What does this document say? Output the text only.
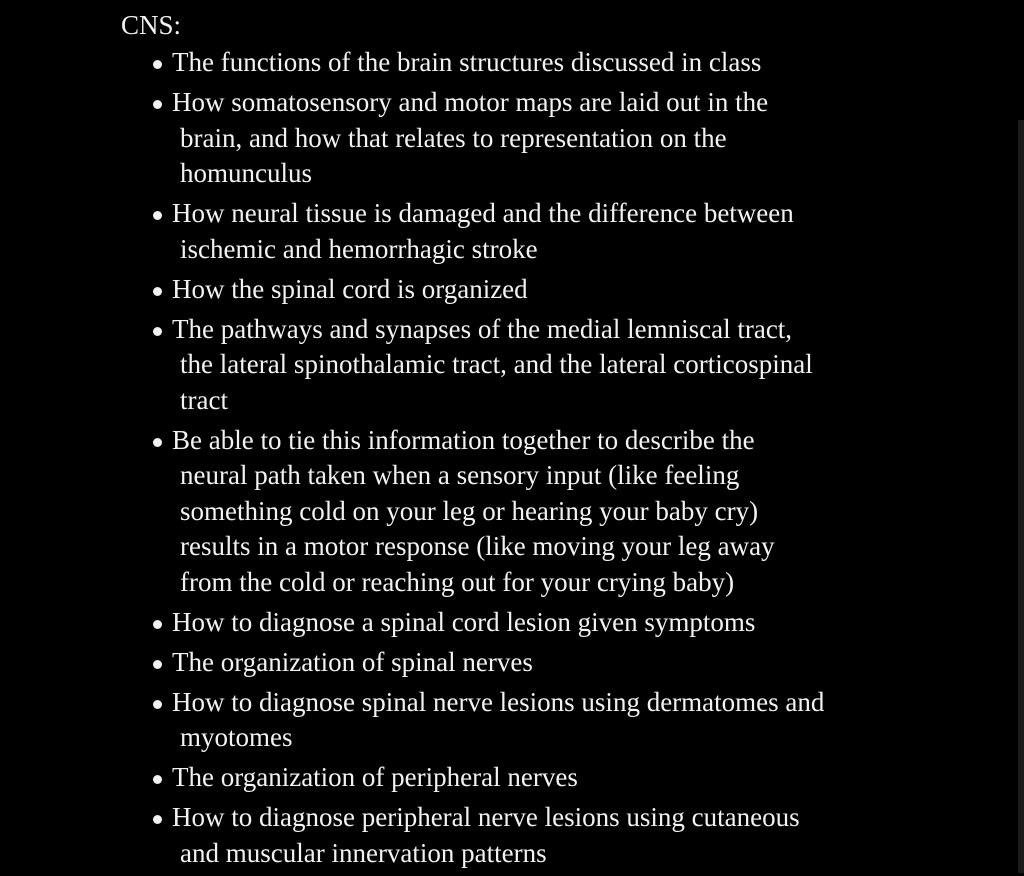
CNS:
The functions of the brain structures discussed in class
How somatosensory and motor maps are laid out in the
brain, and how that relates to representation on the
homunculus
How neural tissue is damaged and the difference between
ischemic and hemorrhagic stroke
How the spinal cord is organized
The pathways and synapses of the medial lemniscal tract,
the lateral spinothalamic tract, and the lateral corticospinal
tract
Be able to tie this information together to describe the
neural path taken when a sensory input (like feeling
something cold on your leg or hearing your baby cry)
results in a motor response (like moving your leg away
from the cold or reaching out for your crying baby)
How to diagnose a spinal cord lesion given symptoms
The organization of spinal nerves
How to diagnose spinal nerve lesions using dermatomes and
myotomes
The organization of peripheral nerves
How to diagnose peripheral nerve lesions using cutaneous
and muscular innervation patterns
